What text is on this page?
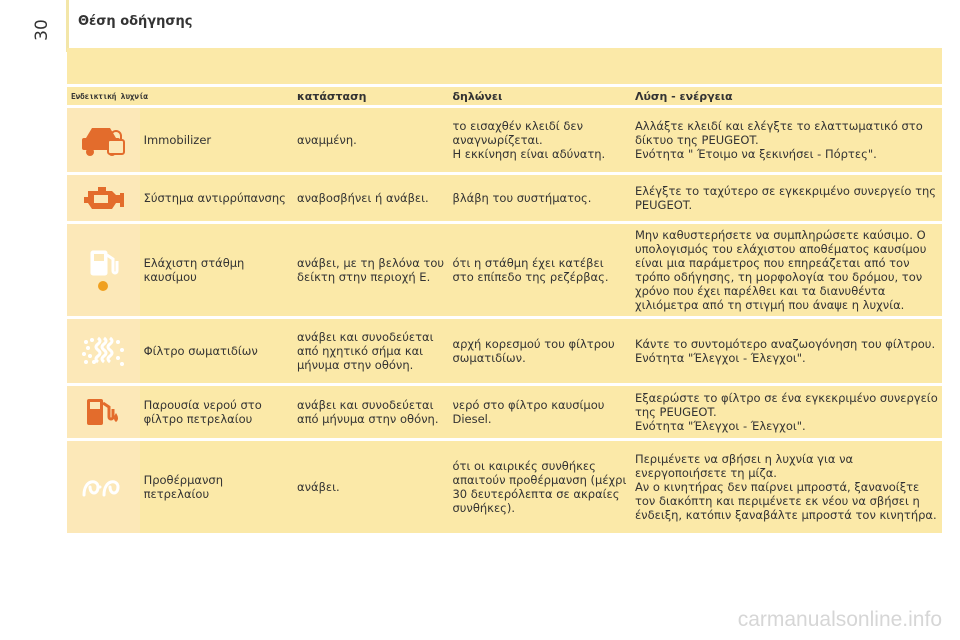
30 Θέση οδήγησης

Ενδεικτική λυχνία		κατάσταση	δηλώνει	Λύση - ενέργεια

	Immobilizer	αναμμένη.	το εισαχθέν κλειδί δεν αναγνωρίζεται.
Η εκκίνηση είναι αδύνατη.	Αλλάξτε κλειδί και ελέγξτε το ελαττωματικό στο δίκτυο της PEUGEOT.
Ενότητα " Έτοιμο να ξεκινήσει - Πόρτες".

	Σύστημα αντιρρύπανσης	αναβοσβήνει ή ανάβει.	βλάβη του συστήματος.	Ελέγξτε το ταχύτερο σε εγκεκριμένο συνεργείο της PEUGEOT.

	Ελάχιστη στάθμη καυσίμου	ανάβει, με τη βελόνα του δείκτη στην περιοχή E.	ότι η στάθμη έχει κατέβει στο επίπεδο της ρεζέρβας.	Μην καθυστερήσετε να συμπληρώσετε καύσιμο. Ο υπολογισμός του ελάχιστου αποθέματος καυσίμου είναι μια παράμετρος που επηρεάζεται από τον τρόπο οδήγησης, τη μορφολογία του δρόμου, τον χρόνο που έχει παρέλθει και τα διανυθέντα χιλιόμετρα από τη στιγμή που άναψε η λυχνία.

	Φίλτρο σωματιδίων	ανάβει και συνοδεύεται από ηχητικό σήμα και μήνυμα στην οθόνη.	αρχή κορεσμού του φίλτρου σωματιδίων.	Κάντε το συντομότερο αναζωογόνηση του φίλτρου.
Ενότητα "Έλεγχοι - Έλεγχοι".

	Παρουσία νερού στο φίλτρο πετρελαίου	ανάβει και συνοδεύεται από μήνυμα στην οθόνη.	νερό στο φίλτρο καυσίμου Diesel.	Εξαερώστε το φίλτρο σε ένα εγκεκριμένο συνεργείο της PEUGEOT.
Ενότητα "Έλεγχοι - Έλεγχοι".

	Προθέρμανση πετρελαίου	ανάβει.	ότι οι καιρικές συνθήκες απαιτούν προθέρμανση (μέχρι 30 δευτερόλεπτα σε ακραίες συνθήκες).	Περιμένετε να σβήσει η λυχνία για να ενεργοποιήσετε τη μίζα.
Αν ο κινητήρας δεν παίρνει μπροστά, ξανανοίξτε τον διακόπτη και περιμένετε εκ νέου να σβήσει η ένδειξη, κατόπιν ξαναβάλτε μπροστά τον κινητήρα.
carmanualsonline.info
